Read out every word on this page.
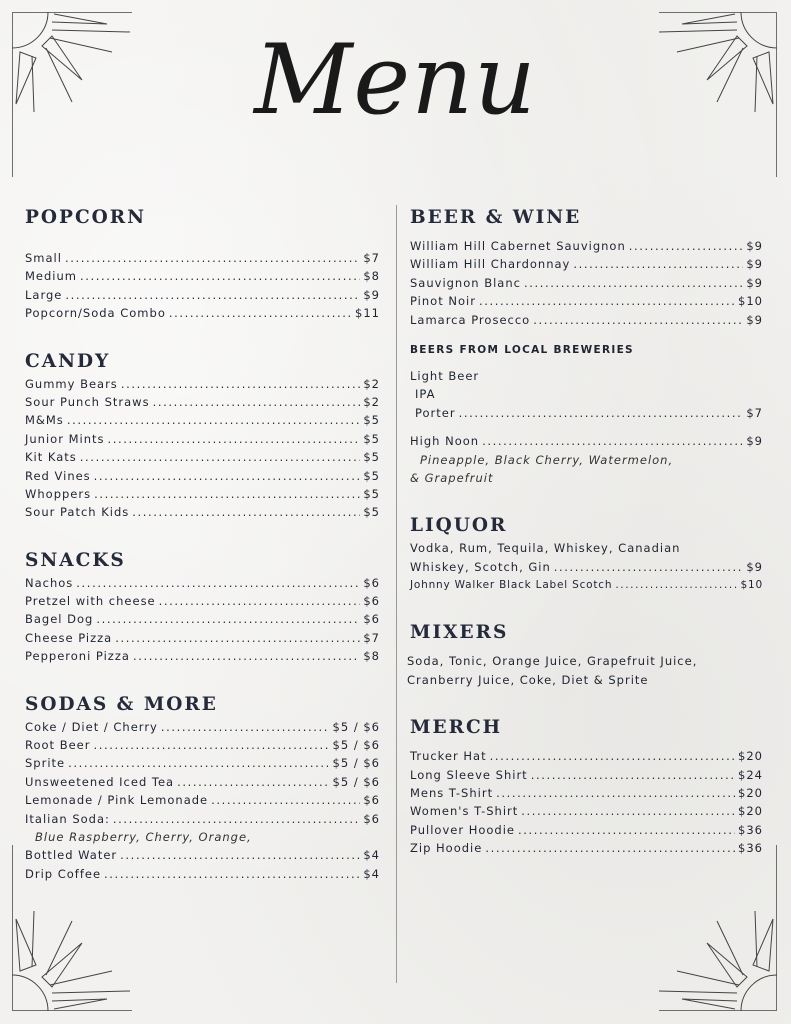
Menu
POPCORN
Small .....	$7
Medium .....	$8
Large .....	$9
Popcorn/Soda Combo .....	$11
CANDY
Gummy Bears .....	$2
Sour Punch Straws .....	$2
M&Ms .....	$5
Junior Mints .....	$5
Kit Kats .....	$5
Red Vines .....	$5
Whoppers .....	$5
Sour Patch Kids .....	$5
SNACKS
Nachos .....	$6
Pretzel with cheese .....	$6
Bagel Dog .....	$6
Cheese Pizza .....	$7
Pepperoni Pizza .....	$8
SODAS & MORE
Coke / Diet / Cherry .....	$5 / $6
Root Beer .....	$5 / $6
Sprite .....	$5 / $6
Unsweetened Iced Tea .....	$5 / $6
Lemonade / Pink Lemonade .....	$6
Italian Soda: .....	$6
Blue Raspberry, Cherry, Orange,
Bottled Water .....	$4
Drip Coffee .....	$4
BEER & WINE
William Hill Cabernet Sauvignon .....	$9
William Hill Chardonnay .....	$9
Sauvignon Blanc .....	$9
Pinot Noir .....	$10
Lamarca Prosecco .....	$9
BEERS FROM LOCAL BREWERIES
Light Beer
IPA
Porter .....	$7
High Noon .....	$9
Pineapple, Black Cherry, Watermelon,
& Grapefruit
LIQUOR
Vodka, Rum, Tequila, Whiskey, Canadian
Whiskey, Scotch, Gin .....	$9
Johnny Walker Black Label Scotch .....	$10
MIXERS
Soda, Tonic, Orange Juice, Grapefruit Juice,
Cranberry Juice, Coke, Diet & Sprite
MERCH
Trucker Hat .....	$20
Long Sleeve Shirt .....	$24
Mens T-Shirt .....	$20
Women's T-Shirt .....	$20
Pullover Hoodie .....	$36
Zip Hoodie .....	$36
